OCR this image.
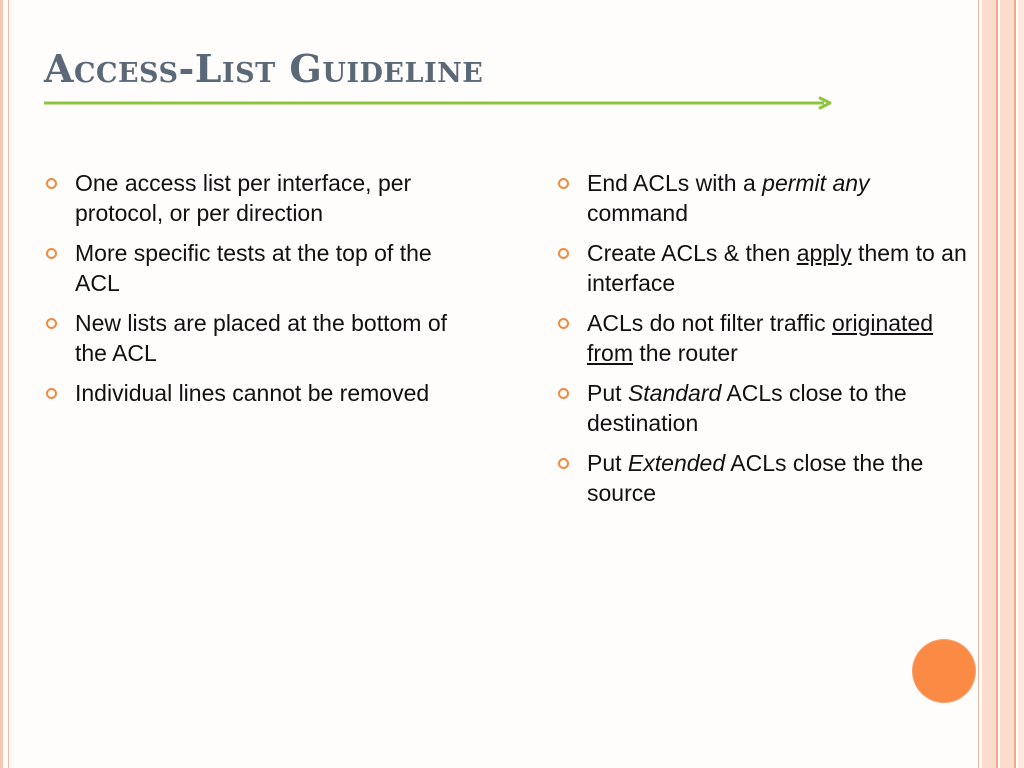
Access-List Guideline
One access list per interface, per protocol, or per direction
More specific tests at the top of the ACL
New lists are placed at the bottom of the ACL
Individual lines cannot be removed
End ACLs with a permit any command
Create ACLs & then apply them to an interface
ACLs do not filter traffic originated from the router
Put Standard ACLs close to the destination
Put Extended ACLs close the the source
